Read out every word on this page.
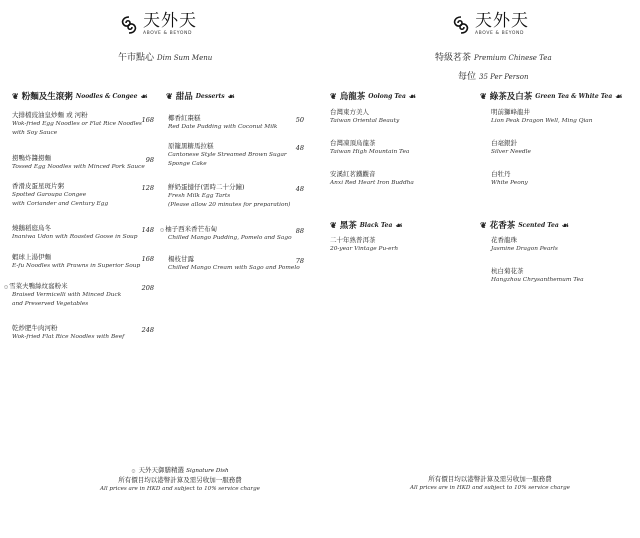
天外天
ABOVE & BEYOND
午市點心 Dim Sum Menu
❦ 粉麵及生滾粥 Noodles & Congee ☙
大排檔豉油皇炒麵 或 河粉
Wok-fried Egg Noodles or Flat Rice Noodles
with Soy Sauce
168
撈鴨炸醬撈麵
Tossed Egg Noodles with Minced Pork Sauce
98
香滑皮蛋星斑片粥
Spotted Garoupa Congee
with Coriander and Century Egg
128
燒鵝稻庭烏冬
Inaniwa Udon with Roasted Goose in Soup
148
蝦球上湯伊麵
E-fu Noodles with Prawns in Superior Soup
168
۞雪菜夫鴨絲炆窩粉米
Braised Vermicelli with Minced Duck
and Preserved Vegetables
208
乾炒肥牛肉河粉
Wok-fried Flat Rice Noodles with Beef
248
❦ 甜品 Desserts ☙
椰香紅棗糕
Red Date Pudding with Coconut Milk
50
原籠黑糖馬拉糕
Cantonese Style Streamed Brown Sugar
Sponge Cake
48
鮮奶蛋撻仔(需時二十分鐘)
Fresh Milk Egg Tarts
(Please allow 20 minutes for preparation)
48
۞柚子西米香芒布甸
Chilled Mango Pudding, Pomelo and Sago
88
楊枝甘露
Chilled Mango Cream with Sago and Pomelo
78
۞ 天外天御膳精選 Signature Dish
所有價目均以港幣計算及需另收加一服務費
All prices are in HKD and subject to 10% service charge
天外天
ABOVE & BEYOND
特級茗茶 Premium Chinese Tea
每位 35 Per Person
❦ 烏龍茶 Oolong Tea ☙
台灣東方美人
Taiwan Oriental Beauty
台灣凍頂烏龍茶
Taiwan High Mountain Tea
安溪紅茗鐵觀音
Anxi Red Heart Iron Buddha
❦ 綠茶及白茶 Green Tea & White Tea ☙
明前獅峰龍井
Lion Peak Dragon Well, Ming Qian
白毫銀針
Silver Needle
白牡丹
White Peony
❦ 黑茶 Black Tea ☙
二十年熟普洱茶
20-year Vintage Pu-erh
❦ 花香茶 Scented Tea ☙
花香龍珠
Jasmine Dragon Pearls
杭白菊花茶
Hangzhou Chrysanthemum Tea
所有價目均以港幣計算及需另收加一服務費
All prices are in HKD and subject to 10% service charge
